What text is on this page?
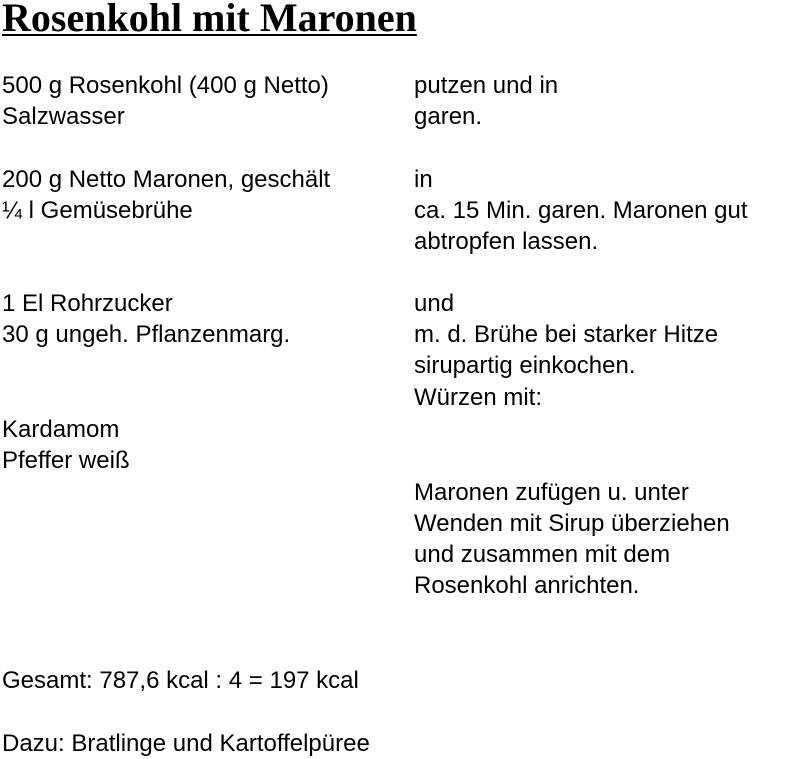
Rosenkohl mit Maronen
500 g Rosenkohl (400 g Netto)
Salzwasser
putzen und in
garen.
200 g Netto Maronen, geschält
¼ l Gemüsebrühe
in
ca. 15 Min. garen. Maronen gut
abtropfen lassen.
1 El Rohrzucker
30 g ungeh. Pflanzenmarg.
und
m. d. Brühe bei starker Hitze
sirupartig einkochen.
Würzen mit:
Kardamom
Pfeffer weiß
Maronen zufügen u. unter
Wenden mit Sirup überziehen
und zusammen mit dem
Rosenkohl anrichten.
Gesamt: 787,6 kcal : 4 = 197 kcal
Dazu: Bratlinge und Kartoffelpüree
